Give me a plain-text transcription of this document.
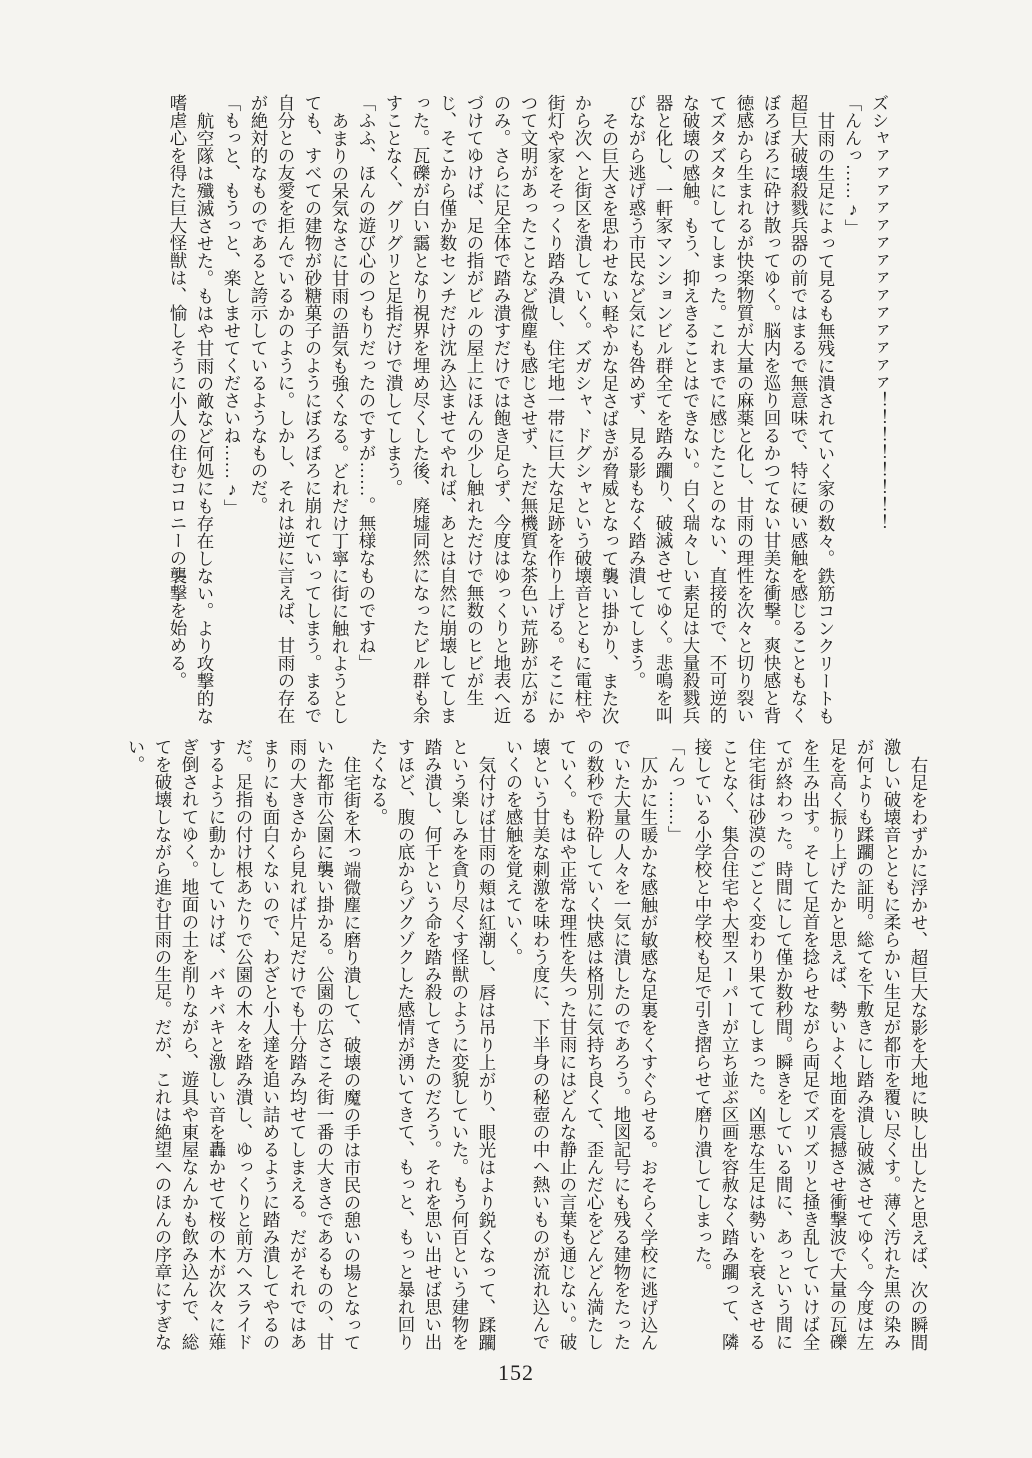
ズシャァァァァァァァァァァァァァァ！！！！！！！！

「んんっ……♪」

甘雨の生足によって見るも無残に潰されていく家の数々。鉄筋コンクリートも超巨大破壊殺戮兵器の前ではまるで無意味で、特に硬い感触を感じることもなくぼろぼろに砕け散ってゆく。脳内を巡り回るかつてない甘美な衝撃。爽快感と背徳感から生まれるが快楽物質が大量の麻薬と化し、甘雨の理性を次々と切り裂いてズタズタにしてしまった。これまでに感じたことのない、直接的で、不可逆的な破壊の感触。もう、抑えきることはできない。白く瑞々しい素足は大量殺戮兵器と化し、一軒家マンションビル群全てを踏み躙り、破滅させてゆく。悲鳴を叫びながら逃げ惑う市民など気にも咎めず、見る影もなく踏み潰してしまう。

その巨大さを思わせない軽やかな足さばきが脅威となって襲い掛かり、また次から次へと街区を潰していく。ズガシャ、ドグシャという破壊音とともに電柱や街灯や家をそっくり踏み潰し、住宅地一帯に巨大な足跡を作り上げる。そこにかつて文明があったことなど微塵も感じさせず、ただ無機質な茶色い荒跡が広がるのみ。さらに足全体で踏み潰すだけでは飽き足らず、今度はゆっくりと地表へ近づけてゆけば、足の指がビルの屋上にほんの少し触れただけで無数のヒビが生じ、そこから僅か数センチだけ沈み込ませてやれば、あとは自然に崩壊してしまった。瓦礫が白い靄となり視界を埋め尽くした後、廃墟同然になったビル群も余すことなく、グリグリと足指だけで潰してしまう。

「ふふ、ほんの遊び心のつもりだったのですが……。無様なものですね」

あまりの呆気なさに甘雨の語気も強くなる。どれだけ丁寧に街に触れようとしても、すべての建物が砂糖菓子のようにぼろぼろに崩れていってしまう。まるで自分との友愛を拒んでいるかのように。しかし、それは逆に言えば、甘雨の存在が絶対的なものであると誇示しているようなものだ。

「もっと、もうっと、楽しませてくださいね……♪」

航空隊は殲滅させた。もはや甘雨の敵など何処にも存在しない。より攻撃的な嗜虐心を得た巨大怪獣は、愉しそうに小人の住むコロニーの襲撃を始める。

右足をわずかに浮かせ、超巨大な影を大地に映し出したと思えば、次の瞬間激しい破壊音とともに柔らかい生足が都市を覆い尽くす。薄く汚れた黒の染みが何よりも蹂躙の証明。総てを下敷きにし踏み潰し破滅させてゆく。今度は左足を高く振り上げたかと思えば、勢いよく地面を震撼させ衝撃波で大量の瓦礫を生み出す。そして足首を捻らせながら両足でズリズリと掻き乱していけば全てが終わった。時間にして僅か数秒間。瞬きをしている間に、あっという間に住宅街は砂漠のごとく変わり果ててしまった。凶悪な生足は勢いを衰えさせることなく、集合住宅や大型スーパーが立ち並ぶ区画を容赦なく踏み躙って、隣接している小学校と中学校も足で引き摺らせて磨り潰してしまった。

「んっ……」

仄かに生暖かな感触が敏感な足裏をくすぐらせる。おそらく学校に逃げ込んでいた大量の人々を一気に潰したのであろう。地図記号にも残る建物をたったの数秒で粉砕していく快感は格別に気持ち良くて、歪んだ心をどんどん満たしていく。もはや正常な理性を失った甘雨にはどんな静止の言葉も通じない。破壊という甘美な刺激を味わう度に、下半身の秘壺の中へ熱いものが流れ込んでいくのを感触を覚えていく。

気付けば甘雨の頬は紅潮し、唇は吊り上がり、眼光はより鋭くなって、蹂躙という楽しみを貪り尽くす怪獣のように変貌していた。もう何百という建物を踏み潰し、何千という命を踏み殺してきたのだろう。それを思い出せば思い出すほど、腹の底からゾクゾクした感情が湧いてきて、もっと、もっと暴れ回りたくなる。

住宅街を木っ端微塵に磨り潰して、破壊の魔の手は市民の憩いの場となっていた都市公園に襲い掛かる。公園の広さこそ街一番の大きさであるものの、甘雨の大きさから見れば片足だけでも十分踏み均せてしまえる。だがそれではあまりにも面白くないので、わざと小人達を追い詰めるように踏み潰してやるのだ。足指の付け根あたりで公園の木々を踏み潰し、ゆっくりと前方へスライドするように動かしていけば、バキバキと激しい音を轟かせて桜の木が次々に薙ぎ倒されてゆく。地面の土を削りながら、遊具や東屋なんかも飲み込んで、総てを破壊しながら進む甘雨の生足。だが、これは絶望へのほんの序章にすぎない。

152
